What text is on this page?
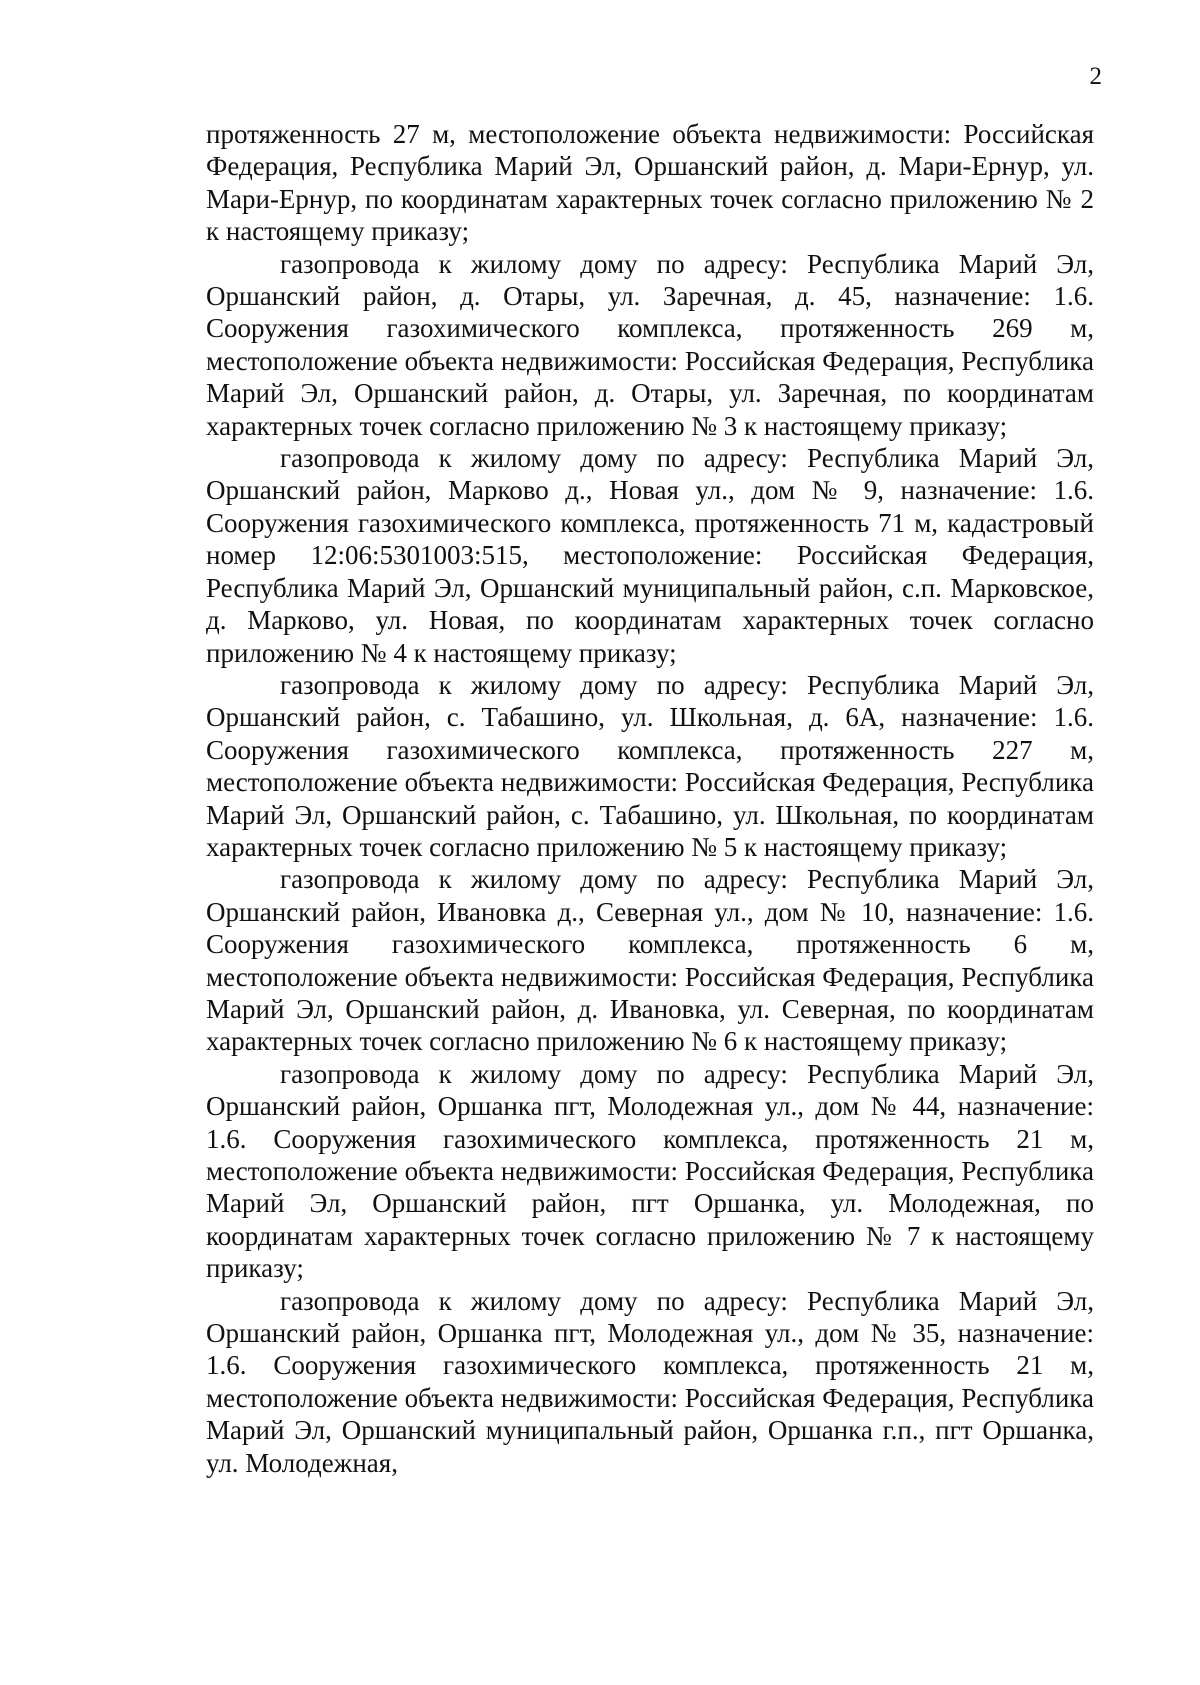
2

протяженность 27 м, местоположение объекта недвижимости: Российская Федерация, Республика Марий Эл, Оршанский район, д. Мари-Ернур, ул. Мари-Ернур, по координатам характерных точек согласно приложению № 2 к настоящему приказу;

газопровода к жилому дому по адресу: Республика Марий Эл, Оршанский район, д. Отары, ул. Заречная, д. 45, назначение: 1.6. Сооружения газохимического комплекса, протяженность 269 м, местоположение объекта недвижимости: Российская Федерация, Республика Марий Эл, Оршанский район, д. Отары, ул. Заречная, по координатам характерных точек согласно приложению № 3 к настоящему приказу;

газопровода к жилому дому по адресу: Республика Марий Эл, Оршанский район, Марково д., Новая ул., дом № 9, назначение: 1.6. Сооружения газохимического комплекса, протяженность 71 м, кадастровый номер 12:06:5301003:515, местоположение: Российская Федерация, Республика Марий Эл, Оршанский муниципальный район, с.п. Марковское, д. Марково, ул. Новая, по координатам характерных точек согласно приложению № 4 к настоящему приказу;

газопровода к жилому дому по адресу: Республика Марий Эл, Оршанский район, с. Табашино, ул. Школьная, д. 6А, назначение: 1.6. Сооружения газохимического комплекса, протяженность 227 м, местоположение объекта недвижимости: Российская Федерация, Республика Марий Эл, Оршанский район, с. Табашино, ул. Школьная, по координатам характерных точек согласно приложению № 5 к настоящему приказу;

газопровода к жилому дому по адресу: Республика Марий Эл, Оршанский район, Ивановка д., Северная ул., дом № 10, назначение: 1.6. Сооружения газохимического комплекса, протяженность 6 м, местоположение объекта недвижимости: Российская Федерация, Республика Марий Эл, Оршанский район, д. Ивановка, ул. Северная, по координатам характерных точек согласно приложению № 6 к настоящему приказу;

газопровода к жилому дому по адресу: Республика Марий Эл, Оршанский район, Оршанка пгт, Молодежная ул., дом № 44, назначение: 1.6. Сооружения газохимического комплекса, протяженность 21 м, местоположение объекта недвижимости: Российская Федерация, Республика Марий Эл, Оршанский район, пгт Оршанка, ул. Молодежная, по координатам характерных точек согласно приложению № 7 к настоящему приказу;

газопровода к жилому дому по адресу: Республика Марий Эл, Оршанский район, Оршанка пгт, Молодежная ул., дом № 35, назначение: 1.6. Сооружения газохимического комплекса, протяженность 21 м, местоположение объекта недвижимости: Российская Федерация, Республика Марий Эл, Оршанский муниципальный район, Оршанка г.п., пгт Оршанка, ул. Молодежная,
